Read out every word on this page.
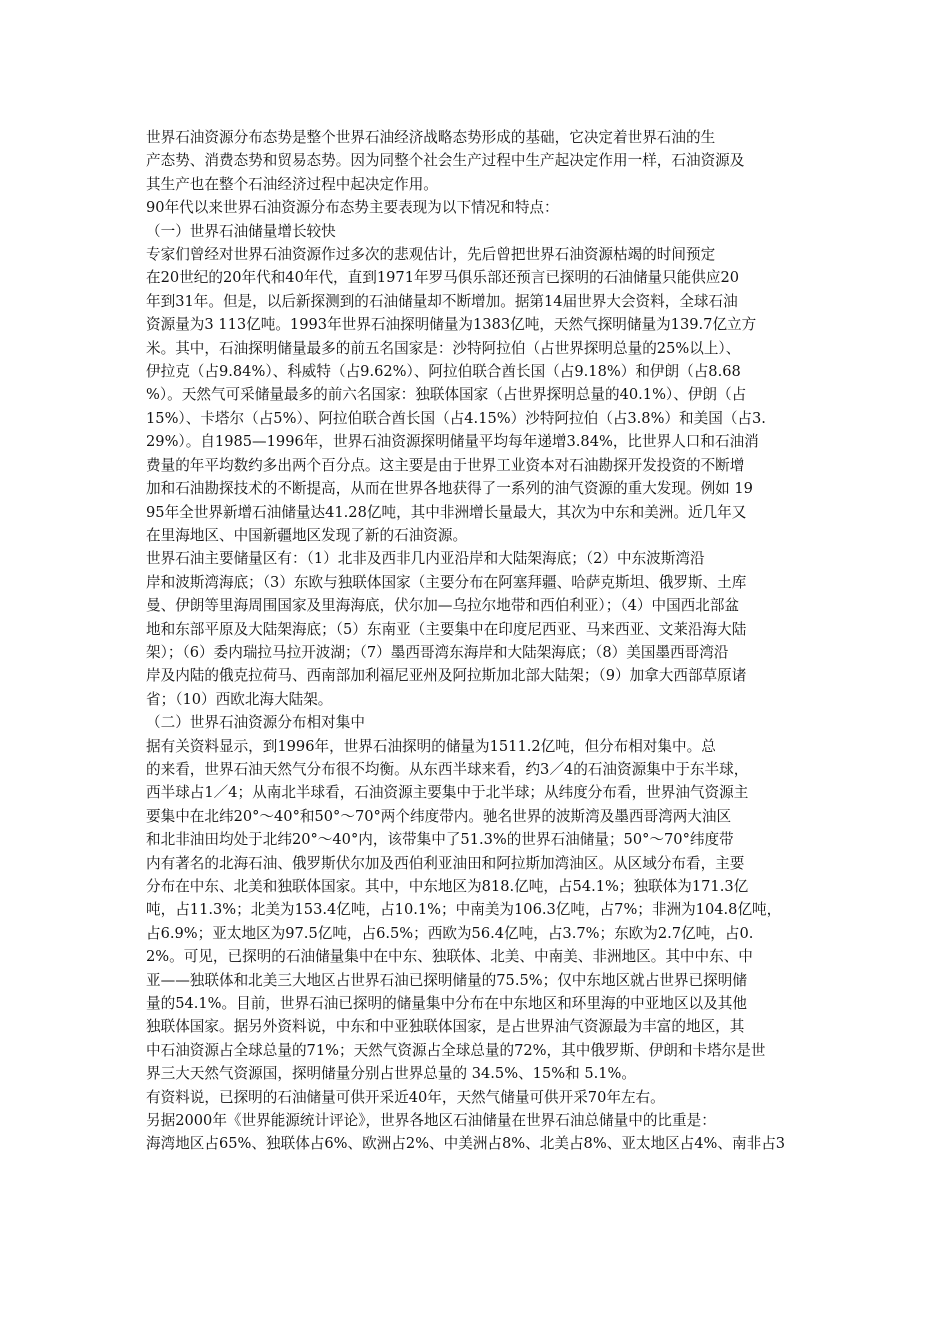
世界石油资源分布态势是整个世界石油经济战略态势形成的基础，它决定着世界石油的生

产态势、消费态势和贸易态势。因为同整个社会生产过程中生产起决定作用一样，石油资源及

其生产也在整个石油经济过程中起决定作用。

90年代以来世界石油资源分布态势主要表现为以下情况和特点：

（一）世界石油储量增长较快

专家们曾经对世界石油资源作过多次的悲观估计，先后曾把世界石油资源枯竭的时间预定

在20世纪的20年代和40年代，直到1971年罗马俱乐部还预言已探明的石油储量只能供应20

年到31年。但是，以后新探测到的石油储量却不断增加。据第14届世界大会资料，全球石油

资源量为3 113亿吨。1993年世界石油探明储量为1383亿吨，天然气探明储量为139.7亿立方

米。其中，石油探明储量最多的前五名国家是：沙特阿拉伯（占世界探明总量的25%以上）、

伊拉克（占9.84%）、科威特（占9.62%）、阿拉伯联合酋长国（占9.18%）和伊朗（占8.68

%）。天然气可采储量最多的前六名国家：独联体国家（占世界探明总量的40.1%）、伊朗（占

15%）、卡塔尔（占5%）、阿拉伯联合酋长国（占4.15%）沙特阿拉伯（占3.8%）和美国（占3.

29%）。自1985—1996年，世界石油资源探明储量平均每年递增3.84%，比世界人口和石油消

费量的年平均数约多出两个百分点。这主要是由于世界工业资本对石油勘探开发投资的不断增

加和石油勘探技术的不断提高，从而在世界各地获得了一系列的油气资源的重大发现。例如 19

95年全世界新增石油储量达41.28亿吨，其中非洲增长量最大，其次为中东和美洲。近几年又

在里海地区、中国新疆地区发现了新的石油资源。

世界石油主要储量区有：（1）北非及西非几内亚沿岸和大陆架海底；（2）中东波斯湾沿

岸和波斯湾海底；（3）东欧与独联体国家（主要分布在阿塞拜疆、哈萨克斯坦、俄罗斯、土库

曼、伊朗等里海周围国家及里海海底，伏尔加—乌拉尔地带和西伯利亚）；（4）中国西北部盆

地和东部平原及大陆架海底；（5）东南亚（主要集中在印度尼西亚、马来西亚、文莱沿海大陆

架）；（6）委内瑞拉马拉开波湖；（7）墨西哥湾东海岸和大陆架海底；（8）美国墨西哥湾沿

岸及内陆的俄克拉荷马、西南部加利福尼亚州及阿拉斯加北部大陆架；（9）加拿大西部草原诸

省；（10）西欧北海大陆架。

（二）世界石油资源分布相对集中

据有关资料显示，到1996年，世界石油探明的储量为1511.2亿吨，但分布相对集中。总

的来看，世界石油天然气分布很不均衡。从东西半球来看，约3／4的石油资源集中于东半球，

西半球占1／4；从南北半球看，石油资源主要集中于北半球；从纬度分布看，世界油气资源主

要集中在北纬20°～40°和50°～70°两个纬度带内。驰名世界的波斯湾及墨西哥湾两大油区

和北非油田均处于北纬20°～40°内，该带集中了51.3%的世界石油储量；50°～70°纬度带

内有著名的北海石油、俄罗斯伏尔加及西伯利亚油田和阿拉斯加湾油区。从区域分布看，主要

分布在中东、北美和独联体国家。其中，中东地区为818.亿吨，占54.1%；独联体为171.3亿

吨，占11.3%；北美为153.4亿吨，占10.1%；中南美为106.3亿吨，占7%；非洲为104.8亿吨，

占6.9%；亚太地区为97.5亿吨，占6.5%；西欧为56.4亿吨，占3.7%；东欧为2.7亿吨，占0.

2%。可见，已探明的石油储量集中在中东、独联体、北美、中南美、非洲地区。其中中东、中

亚——独联体和北美三大地区占世界石油已探明储量的75.5%；仅中东地区就占世界已探明储

量的54.1%。目前，世界石油已探明的储量集中分布在中东地区和环里海的中亚地区以及其他

独联体国家。据另外资料说，中东和中亚独联体国家，是占世界油气资源最为丰富的地区，其

中石油资源占全球总量的71%；天然气资源占全球总量的72%，其中俄罗斯、伊朗和卡塔尔是世

界三大天然气资源国，探明储量分别占世界总量的 34.5%、15%和 5.1%。

有资料说，已探明的石油储量可供开采近40年，天然气储量可供开采70年左右。

另据2000年《世界能源统计评论》，世界各地区石油储量在世界石油总储量中的比重是：

海湾地区占65%、独联体占6%、欧洲占2%、中美洲占8%、北美占8%、亚太地区占4%、南非占3
